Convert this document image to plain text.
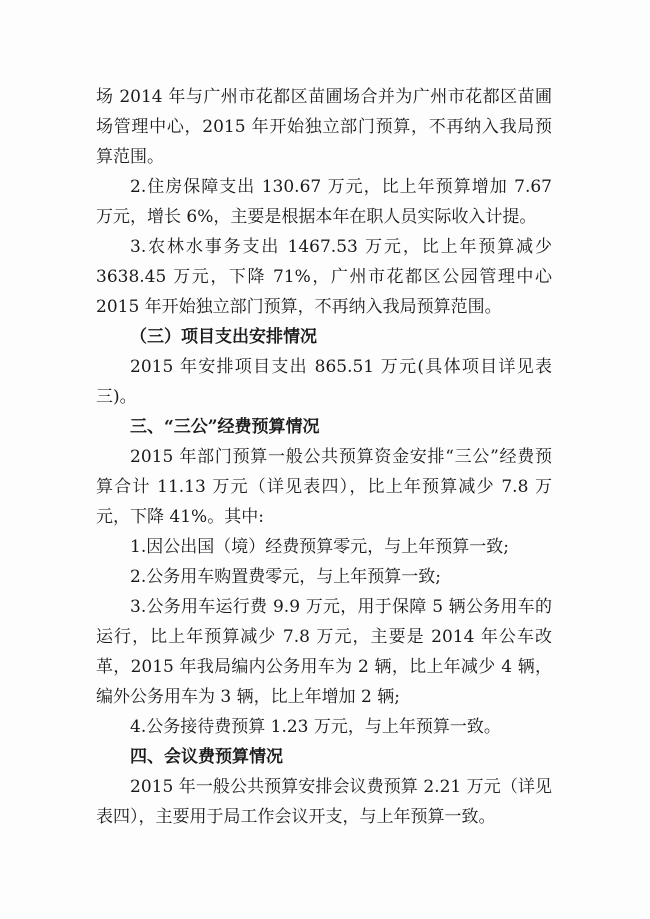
场 2014 年与广州市花都区苗圃场合并为广州市花都区苗圃场管理中心，2015 年开始独立部门预算，不再纳入我局预算范围。

2.住房保障支出 130.67 万元，比上年预算增加 7.67 万元，增长 6%，主要是根据本年在职人员实际收入计提。

3.农林水事务支出 1467.53 万元，比上年预算减少 3638.45 万元，下降 71%，广州市花都区公园管理中心 2015 年开始独立部门预算，不再纳入我局预算范围。

（三）项目支出安排情况

2015 年安排项目支出 865.51 万元(具体项目详见表三)。

三、“三公”经费预算情况

2015 年部门预算一般公共预算资金安排“三公”经费预算合计 11.13 万元（详见表四），比上年预算减少 7.8 万元，下降 41%。其中:

1.因公出国（境）经费预算零元，与上年预算一致;

2.公务用车购置费零元，与上年预算一致;

3.公务用车运行费 9.9 万元，用于保障 5 辆公务用车的运行，比上年预算减少 7.8 万元，主要是 2014 年公车改革，2015 年我局编内公务用车为 2 辆，比上年减少 4 辆，编外公务用车为 3 辆，比上年增加 2 辆;

4.公务接待费预算 1.23 万元，与上年预算一致。

四、会议费预算情况

2015 年一般公共预算安排会议费预算 2.21 万元（详见表四），主要用于局工作会议开支，与上年预算一致。
